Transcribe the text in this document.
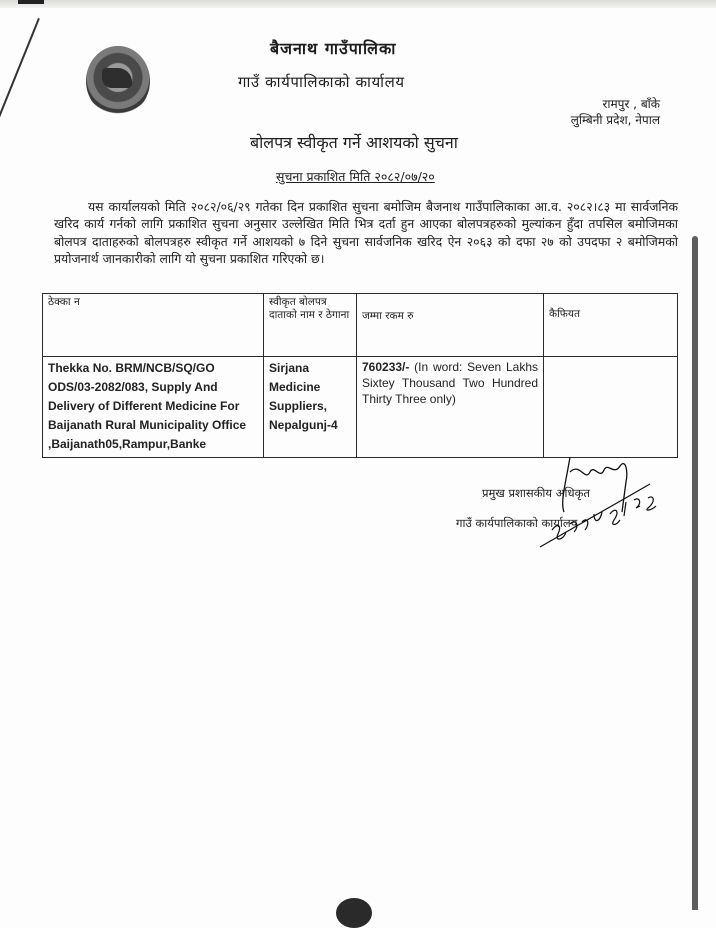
बैजनाथ गाउँपालिका
गाउँ कार्यपालिकाको कार्यालय
रामपुर , बाँके
लुम्बिनी प्रदेश, नेपाल
बोलपत्र स्वीकृत गर्ने आशयको सुचना
सुचना प्रकाशित मिति २०८२/०७/२०

यस कार्यालयको मिति २०८२/०६/२९ गतेका दिन प्रकाशित सुचना बमोजिम बैजनाथ गाउँपालिकाका आ.व. २०८२।८३ मा सार्वजनिक खरिद कार्य गर्नको लागि प्रकाशित सुचना अनुसार उल्लेखित मिति भित्र दर्ता हुन आएका बोलपत्रहरुको मुल्यांकन हुँदा तपसिल बमोजिमका बोलपत्र दाताहरुको बोलपत्रहरु स्वीकृत गर्ने आशयको ७ दिने सुचना सार्वजनिक खरिद ऐन २०६३ को दफा २७ को उपदफा २ बमोजिमको प्रयोजनार्थ जानकारीको लागि यो सुचना प्रकाशित गरिएको छ।

ठेक्का न	स्वीकृत बोलपत्र दाताको नाम र ठेगाना	जम्मा रकम रु	कैफियत
Thekka No. BRM/NCB/SQ/GO ODS/03-2082/083, Supply And Delivery of Different Medicine For Baijanath Rural Municipality Office ,Baijanath05,Rampur,Banke	Sirjana Medicine Suppliers, Nepalgunj-4	760233/- (In word: Seven Lakhs Sixtey Thousand Two Hundred Thirty Three only)	
प्रमुख प्रशासकीय अधिकृत
गाउँ कार्यपालिकाको कार्यालय
